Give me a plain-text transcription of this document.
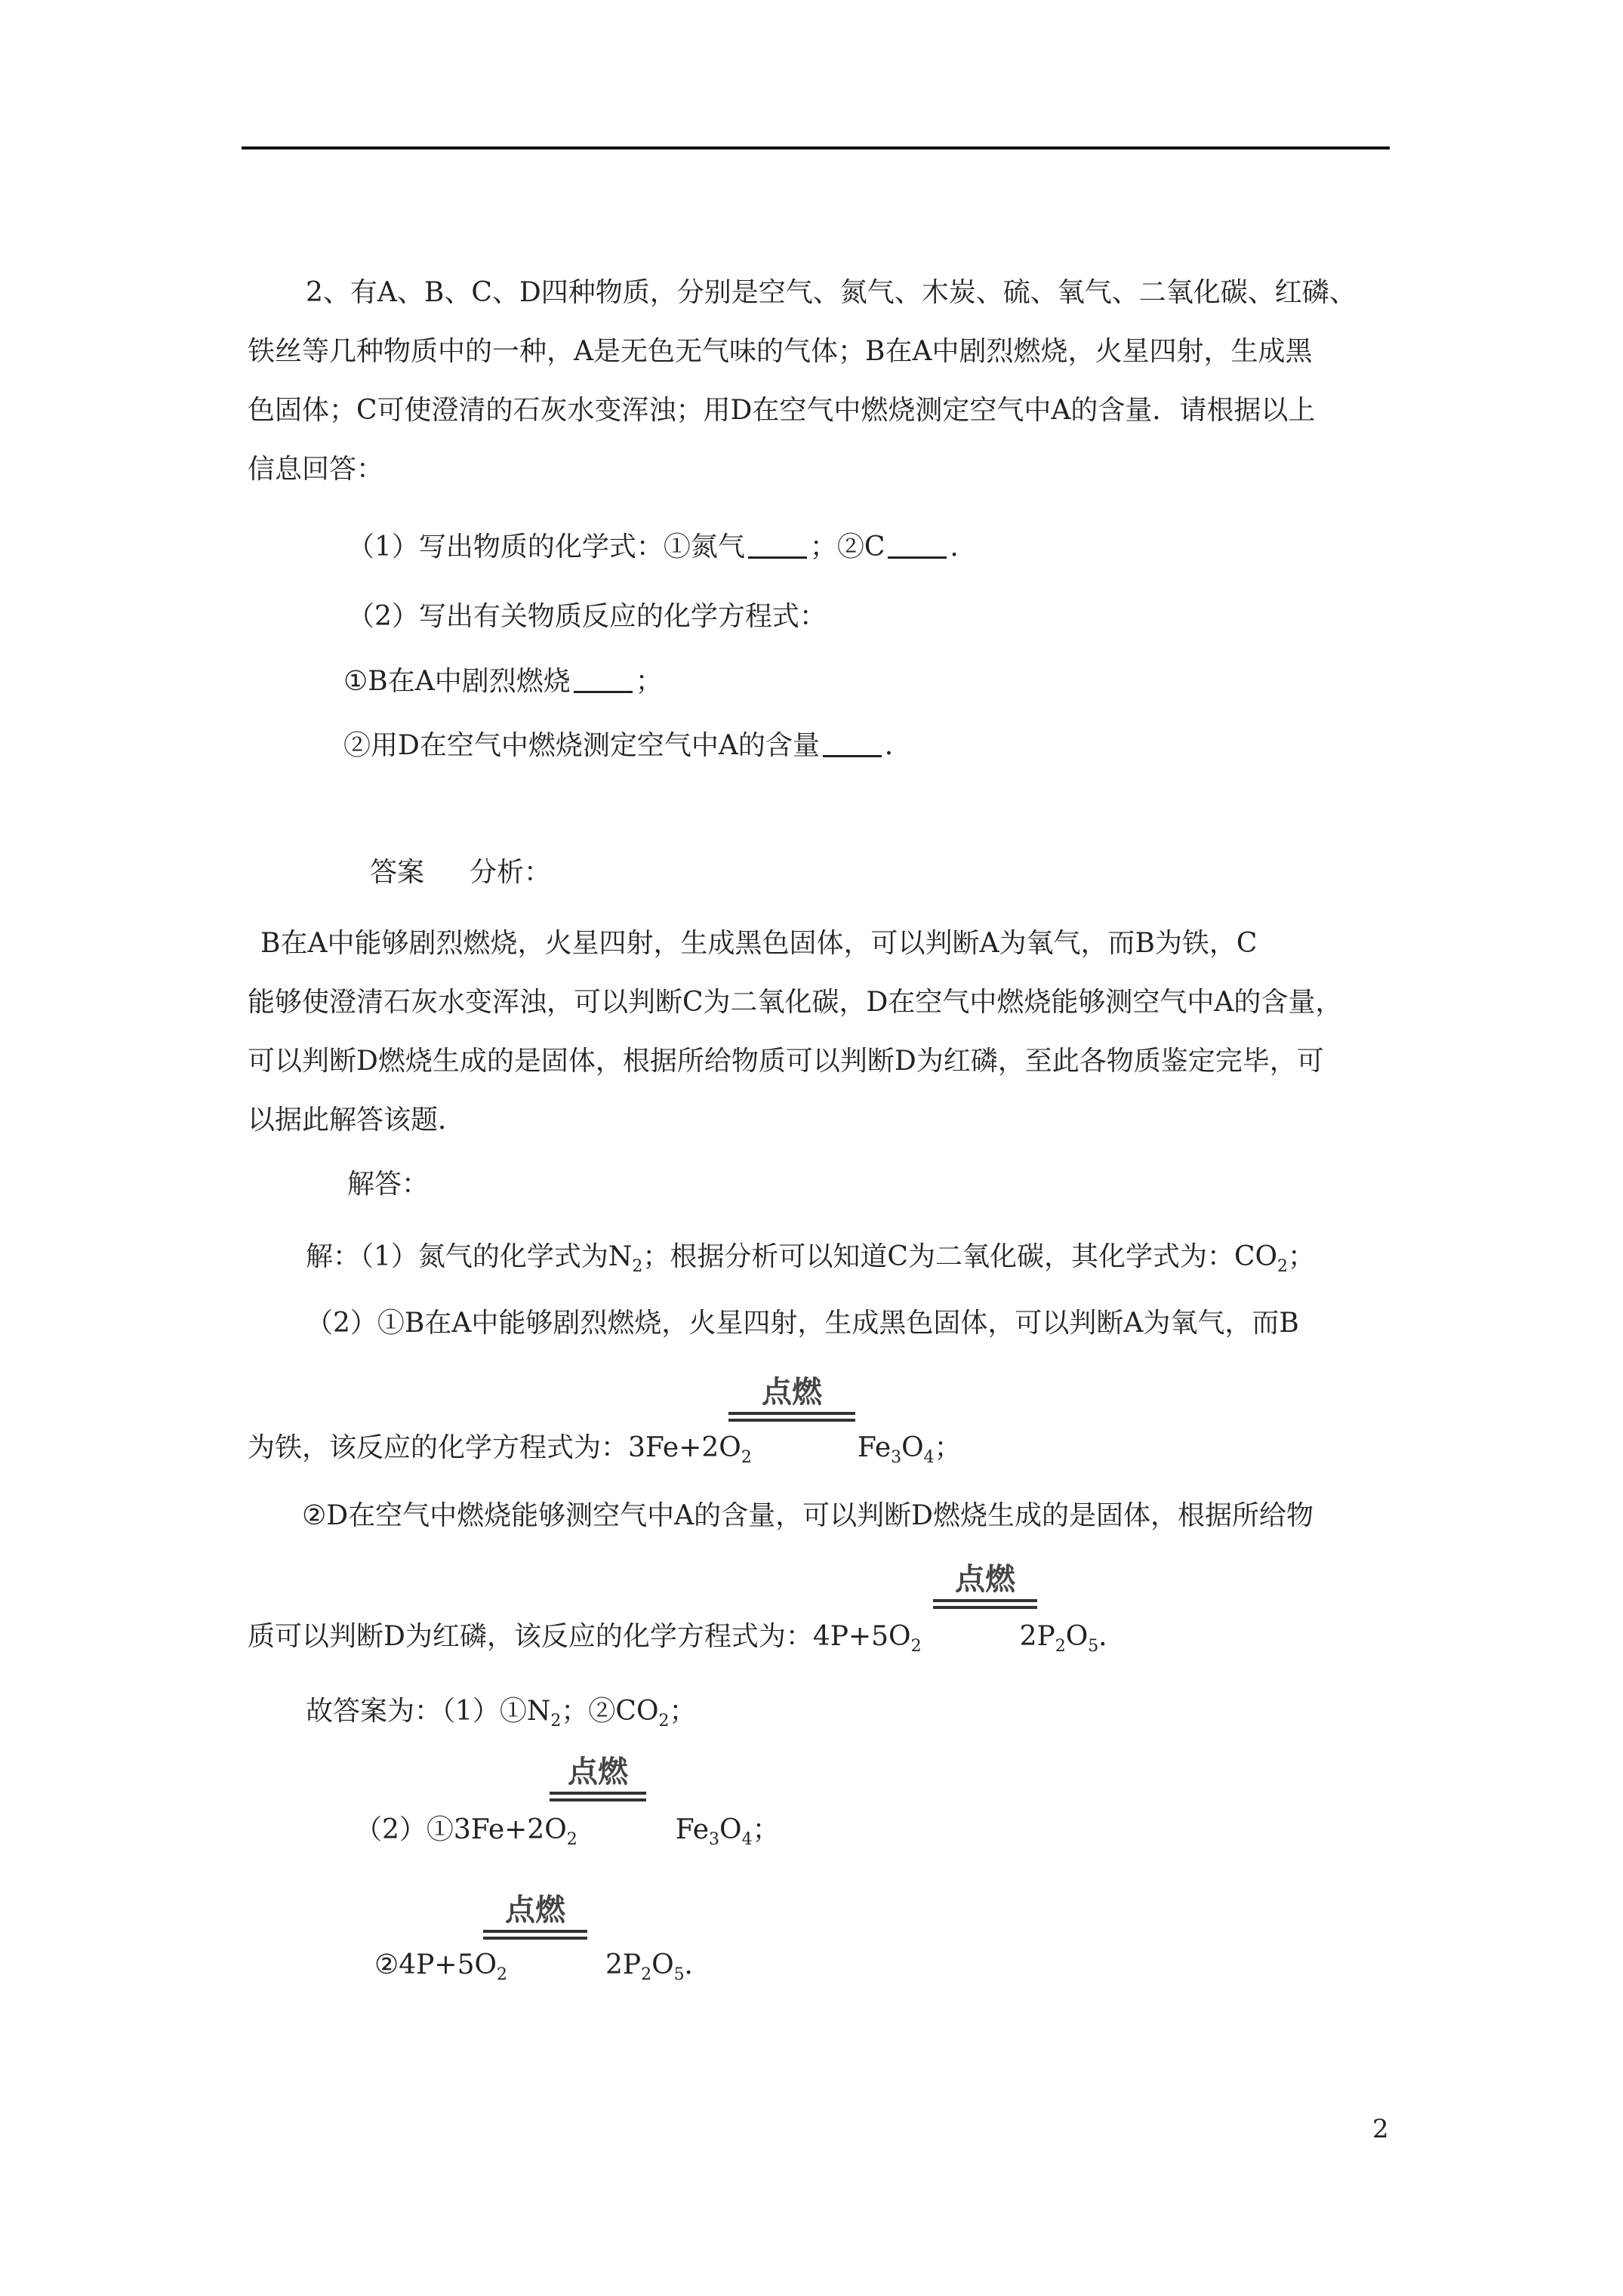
2、有A、B、C、D四种物质，分别是空气、氮气、木炭、硫、氧气、二氧化碳、红磷、
铁丝等几种物质中的一种，A是无色无气味的气体；B在A中剧烈燃烧，火星四射，生成黑
色固体；C可使澄清的石灰水变浑浊；用D在空气中燃烧测定空气中A的含量．请根据以上
信息回答：
（1）写出物质的化学式：①氮气 ；②C ．
（2）写出有关物质反应的化学方程式：
①B在A中剧烈燃烧 ；
②用D在空气中燃烧测定空气中A的含量 ．
答案 分析：
B在A中能够剧烈燃烧，火星四射，生成黑色固体，可以判断A为氧气，而B为铁，C
能够使澄清石灰水变浑浊，可以判断C为二氧化碳，D在空气中燃烧能够测空气中A的含量，
可以判断D燃烧生成的是固体，根据所给物质可以判断D为红磷，至此各物质鉴定完毕，可
以据此解答该题．
解答：
解：（1）氮气的化学式为$N_2$；根据分析可以知道C为二氧化碳，其化学式为：$CO_2$；
（2）①B在A中能够剧烈燃烧，火星四射，生成黑色固体，可以判断A为氧气，而B
点燃
为铁，该反应的化学方程式为：$3Fe+2O_2$	$Fe_3O_4$；
②D在空气中燃烧能够测空气中A的含量，可以判断D燃烧生成的是固体，根据所给物
点燃
质可以判断D为红磷，该反应的化学方程式为：$4P+5O_2$	$2P_2O_5$．
故答案为：$(1)①N_2$；$②CO_2$；
点燃
$(2)①3Fe+2O_2$	$Fe_3O_4$；
点燃
$②4P+5O_2$	$2P_2O_5$．
2
